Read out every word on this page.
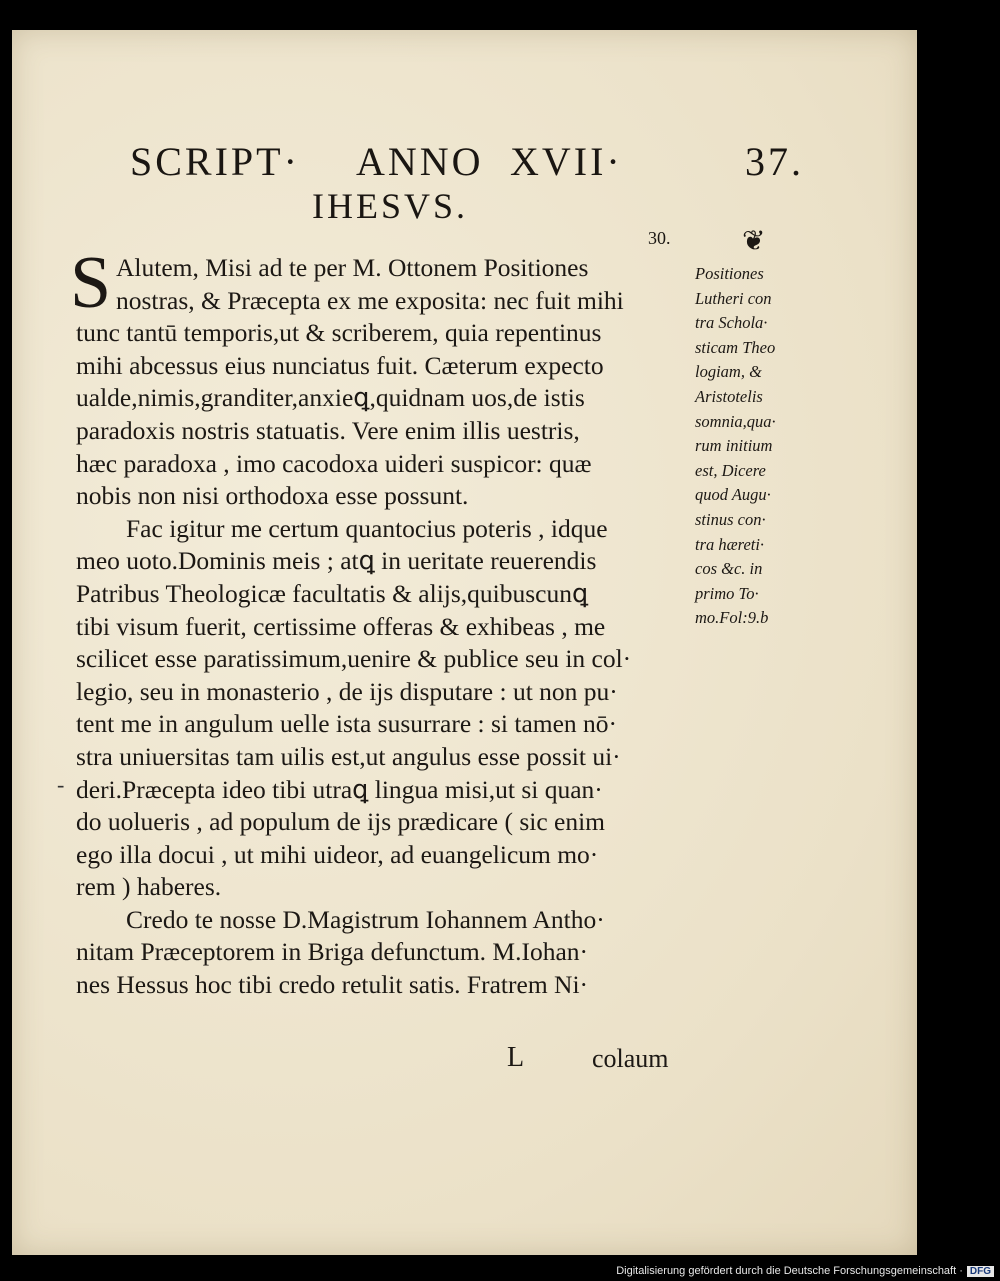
SCRIPT· ANNO XVII·	37.
IHESVS.
30.	❦
S Alutem, Misi ad te per M. Ottonem Positiones
nostras, & Præcepta ex me exposita: nec fuit mihi
tunc tantū temporis,ut & scriberem, quia repentinus
mihi abcessus eius nunciatus fuit. Cæterum expecto
ualde,nimis,granditer,anxieꝗ,quidnam uos,de istis
paradoxis nostris statuatis. Vere enim illis uestris,
hæc paradoxa , imo cacodoxa uideri suspicor: quæ
nobis non nisi orthodoxa esse possunt.
Fac igitur me certum quantocius poteris , idque
meo uoto.Dominis meis ; atꝗ in ueritate reuerendis
Patribus Theologicæ facultatis & alijs,quibuscunꝗ
tibi visum fuerit, certissime offeras & exhibeas , me
scilicet esse paratissimum,uenire & publice seu in col·
legio, seu in monasterio , de ijs disputare : ut non pu·
tent me in angulum uelle ista susurrare : si tamen nō·
stra uniuersitas tam uilis est,ut angulus esse possit ui·
deri.Præcepta ideo tibi utraꝗ lingua misi,ut si quan·
do uolueris , ad populum de ijs prædicare ( sic enim
ego illa docui , ut mihi uideor, ad euangelicum mo·
rem ) haberes.
Credo te nosse D.Magistrum Iohannem Antho·
nitam Præceptorem in Briga defunctum. M.Iohan·
nes Hessus hoc tibi credo retulit satis. Fratrem Ni·
Positiones
Lutheri con
tra Schola·
sticam Theo
logiam, &
Aristotelis
somnia,qua·
rum initium
est, Dicere
quod Augu·
stinus con·
tra hæreti·
cos &c. in
primo To·
mo.Fol:9.b
-
L	colaum
Digitalisierung gefördert durch die Deutsche Forschungsgemeinschaft · DFG
